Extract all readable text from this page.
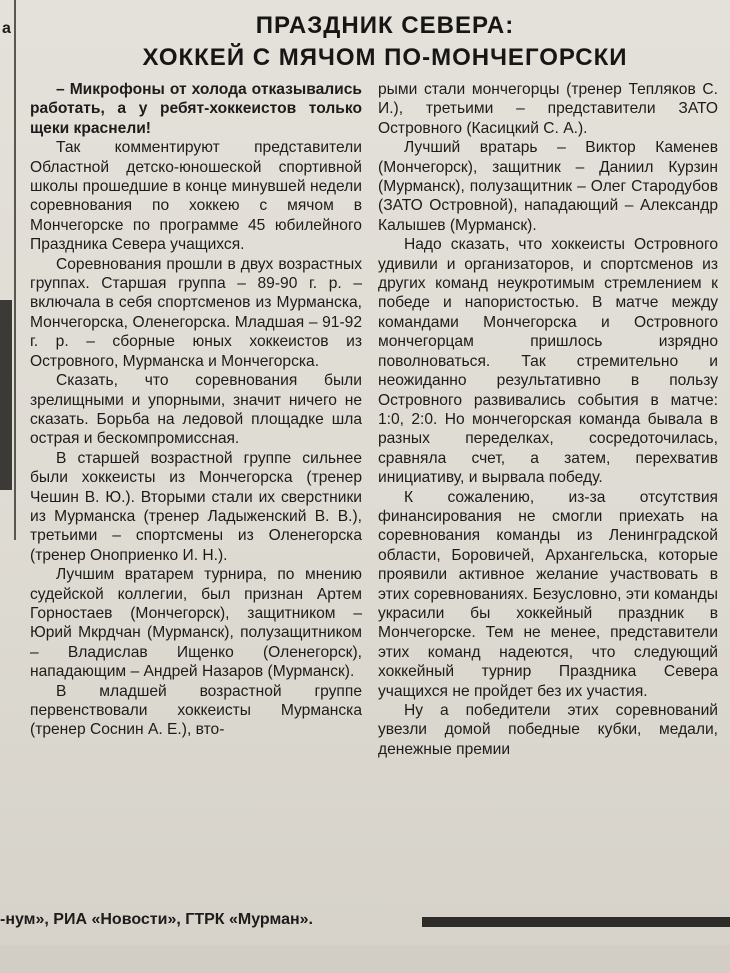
а	ПРАЗДНИК СЕВЕРА:
ХОККЕЙ С МЯЧОМ ПО-МОНЧЕГОРСКИ

– Микрофоны от холода отказывались работать, а у ребят-хоккеистов только щеки краснели!

Так комментируют представители Областной детско-юношеской спортивной школы прошедшие в конце минувшей недели соревнования по хоккею с мячом в Мончегорске по программе 45 юбилейного Праздника Севера учащихся.

Соревнования прошли в двух возрастных группах. Старшая группа – 89-90 г. р. – включала в себя спортсменов из Мурманска, Мончегорска, Оленегорска. Младшая – 91-92 г. р. – сборные юных хоккеистов из Островного, Мурманска и Мончегорска.

Сказать, что соревнования были зрелищными и упорными, значит ничего не сказать. Борьба на ледовой площадке шла острая и бескомпромиссная.

В старшей возрастной группе сильнее были хоккеисты из Мончегорска (тренер Чешин В. Ю.). Вторыми стали их сверстники из Мурманска (тренер Ладыженский В. В.), третьими – спортсмены из Оленегорска (тренер Оноприенко И. Н.).

Лучшим вратарем турнира, по мнению судейской коллегии, был признан Артем Горностаев (Мончегорск), защитником – Юрий Мкрдчан (Мурманск), полузащитником – Владислав Ищенко (Оленегорск), нападающим – Андрей Назаров (Мурманск).

В младшей возрастной группе первенствовали хоккеисты Мурманска (тренер Соснин А. Е.), вто-

рыми стали мончегорцы (тренер Тепляков С. И.), третьими – представители ЗАТО Островного (Касицкий С. А.).

Лучший вратарь – Виктор Каменев (Мончегорск), защитник – Даниил Курзин (Мурманск), полузащитник – Олег Стародубов (ЗАТО Островной), нападающий – Александр Калышев (Мурманск).

Надо сказать, что хоккеисты Островного удивили и организаторов, и спортсменов из других команд неукротимым стремлением к победе и напористостью. В матче между командами Мончегорска и Островного мончегорцам пришлось изрядно поволноваться. Так стремительно и неожиданно результативно в пользу Островного развивались события в матче: 1:0, 2:0. Но мончегорская команда бывала в разных переделках, сосредоточилась, сравняла счет, а затем, перехватив инициативу, и вырвала победу.

К сожалению, из-за отсутствия финансирования не смогли приехать на соревнования команды из Ленинградской области, Боровичей, Архангельска, которые проявили активное желание участвовать в этих соревнованиях. Безусловно, эти команды украсили бы хоккейный праздник в Мончегорске. Тем не менее, представители этих команд надеются, что следующий хоккейный турнир Праздника Севера учащихся не пройдет без их участия.

Ну а победители этих соревнований увезли домой победные кубки, медали, денежные премии

-нум», РИА «Новости», ГТРК «Мурман».
